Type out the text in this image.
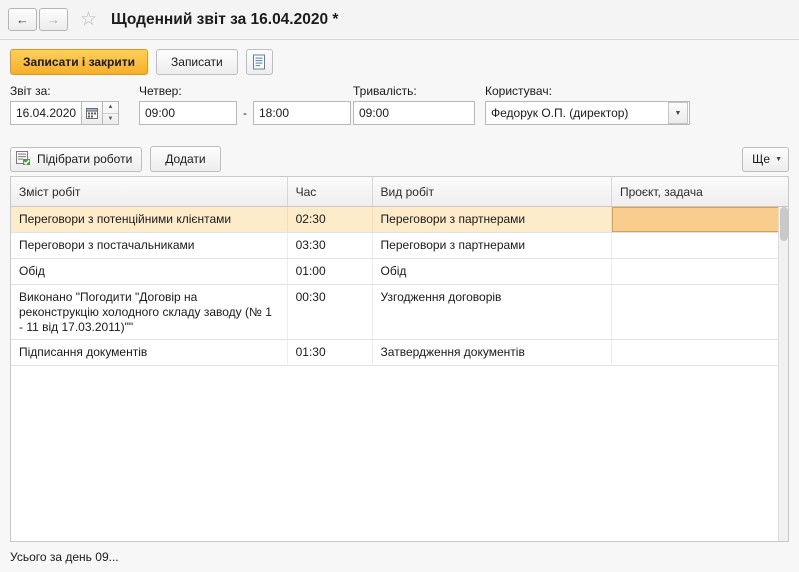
←	→	☆ Щоденний звіт за 16.04.2020 *
Записати і закрити	Записати
Звіт за:
16.04.2020	▲
▼
Четвер:
09:00	-	18:00
Тривалість:
09:00
Користувач:
Федорук О.П. (директор)	▼
Підібрати роботи	Додати	Ще ▼
Зміст робіт	Час	Вид робіт	Проєкт, задача
Переговори з потенційними клієнтами	02:30	Переговори з партнерами
Переговори з постачальниками	03:30	Переговори з партнерами
Обід	01:00	Обід
Виконано "Погодити "Договір на реконструкцію холодного складу заводу (№ 1 - 11 від 17.03.2011)""
00:30	Узгодження договорів
Підписання документів	01:30	Затвердження документів
Усього за день 09...
